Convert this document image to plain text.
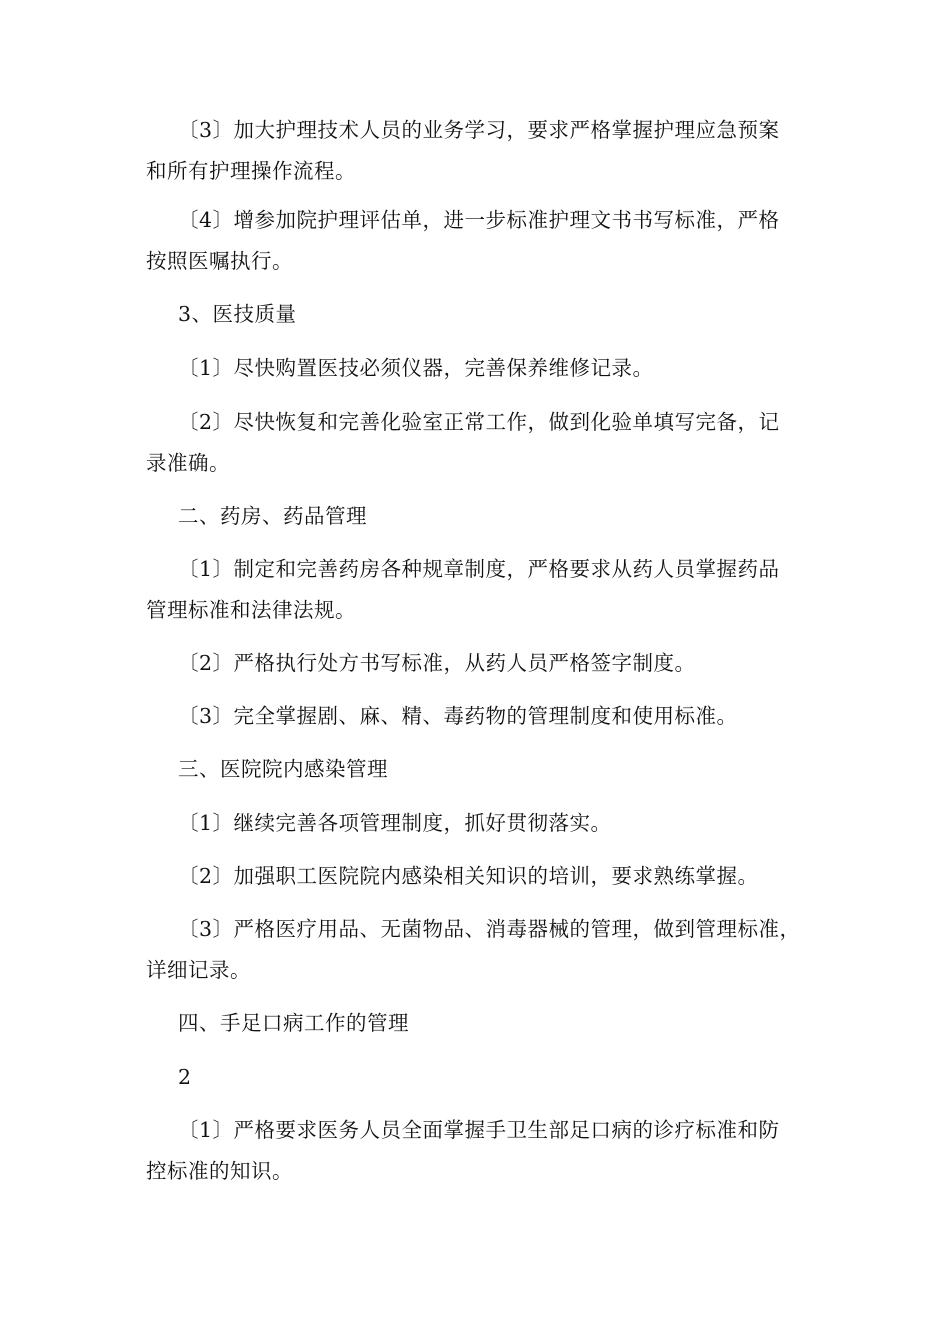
〔3〕加大护理技术人员的业务学习，要求严格掌握护理应急预案
和所有护理操作流程。

〔4〕增参加院护理评估单，进一步标准护理文书书写标准，严格
按照医嘱执行。

3、医技质量

〔1〕尽快购置医技必须仪器，完善保养维修记录。

〔2〕尽快恢复和完善化验室正常工作，做到化验单填写完备，记
录准确。

二、药房、药品管理

〔1〕制定和完善药房各种规章制度，严格要求从药人员掌握药品
管理标准和法律法规。

〔2〕严格执行处方书写标准，从药人员严格签字制度。

〔3〕完全掌握剧、麻、精、毒药物的管理制度和使用标准。

三、医院院内感染管理

〔1〕继续完善各项管理制度，抓好贯彻落实。

〔2〕加强职工医院院内感染相关知识的培训，要求熟练掌握。

〔3〕严格医疗用品、无菌物品、消毒器械的管理，做到管理标准，
详细记录。

四、手足口病工作的管理

2

〔1〕严格要求医务人员全面掌握手卫生部足口病的诊疗标准和防
控标准的知识。
